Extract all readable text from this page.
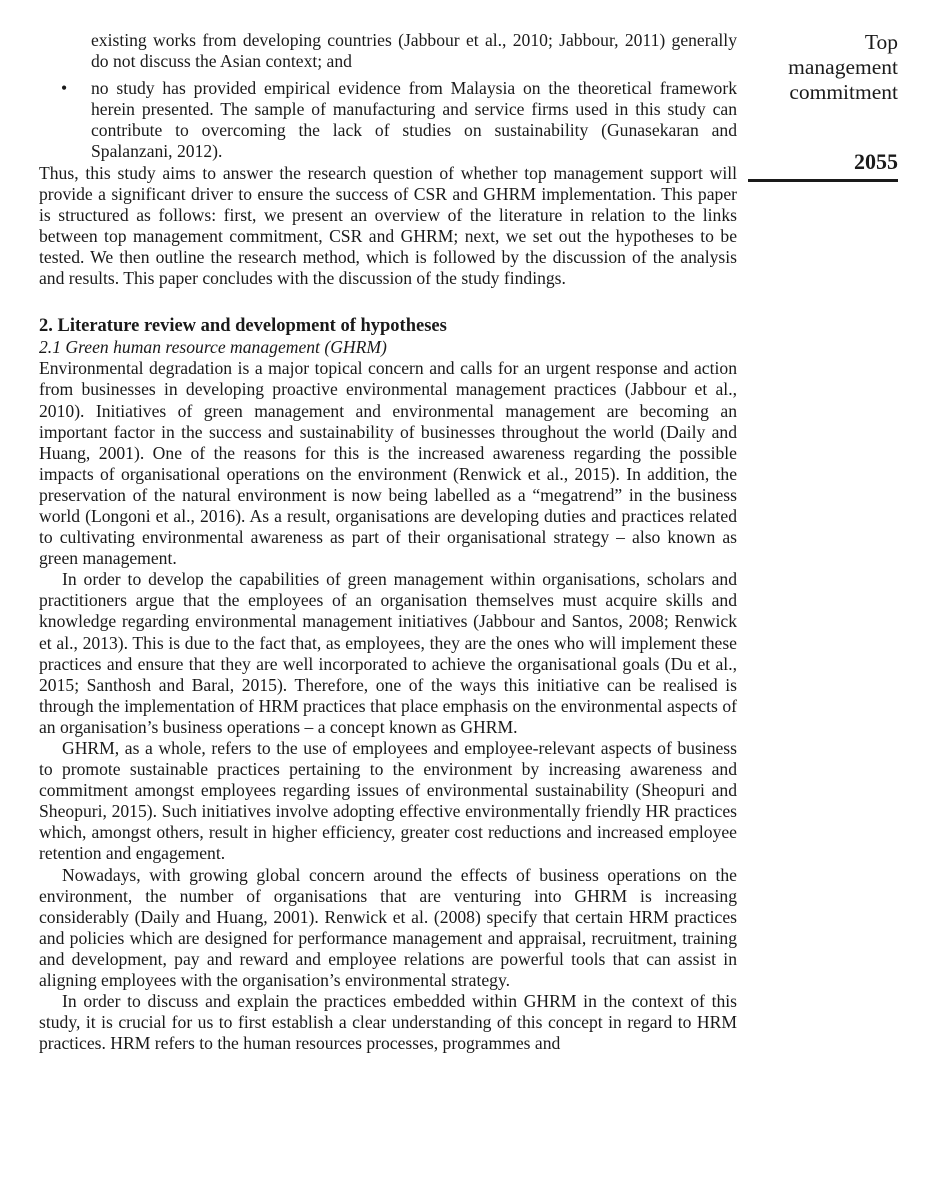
existing works from developing countries (Jabbour et al., 2010; Jabbour, 2011) generally do not discuss the Asian context; and
• no study has provided empirical evidence from Malaysia on the theoretical framework herein presented. The sample of manufacturing and service firms used in this study can contribute to overcoming the lack of studies on sustainability (Gunasekaran and Spalanzani, 2012).

Thus, this study aims to answer the research question of whether top management support will provide a significant driver to ensure the success of CSR and GHRM implementation. This paper is structured as follows: first, we present an overview of the literature in relation to the links between top management commitment, CSR and GHRM; next, we set out the hypotheses to be tested. We then outline the research method, which is followed by the discussion of the analysis and results. This paper concludes with the discussion of the study findings.

2. Literature review and development of hypotheses
2.1 Green human resource management (GHRM)

Environmental degradation is a major topical concern and calls for an urgent response and action from businesses in developing proactive environmental management practices (Jabbour et al., 2010). Initiatives of green management and environmental management are becoming an important factor in the success and sustainability of businesses throughout the world (Daily and Huang, 2001). One of the reasons for this is the increased awareness regarding the possible impacts of organisational operations on the environment (Renwick et al., 2015). In addition, the preservation of the natural environment is now being labelled as a “megatrend” in the business world (Longoni et al., 2016). As a result, organisations are developing duties and practices related to cultivating environmental awareness as part of their organisational strategy – also known as green management.

In order to develop the capabilities of green management within organisations, scholars and practitioners argue that the employees of an organisation themselves must acquire skills and knowledge regarding environmental management initiatives (Jabbour and Santos, 2008; Renwick et al., 2013). This is due to the fact that, as employees, they are the ones who will implement these practices and ensure that they are well incorporated to achieve the organisational goals (Du et al., 2015; Santhosh and Baral, 2015). Therefore, one of the ways this initiative can be realised is through the implementation of HRM practices that place emphasis on the environmental aspects of an organisation’s business operations – a concept known as GHRM.

GHRM, as a whole, refers to the use of employees and employee-relevant aspects of business to promote sustainable practices pertaining to the environment by increasing awareness and commitment amongst employees regarding issues of environmental sustainability (Sheopuri and Sheopuri, 2015). Such initiatives involve adopting effective environmentally friendly HR practices which, amongst others, result in higher efficiency, greater cost reductions and increased employee retention and engagement.

Nowadays, with growing global concern around the effects of business operations on the environment, the number of organisations that are venturing into GHRM is increasing considerably (Daily and Huang, 2001). Renwick et al. (2008) specify that certain HRM practices and policies which are designed for performance management and appraisal, recruitment, training and development, pay and reward and employee relations are powerful tools that can assist in aligning employees with the organisation’s environmental strategy.

In order to discuss and explain the practices embedded within GHRM in the context of this study, it is crucial for us to first establish a clear understanding of this concept in regard to HRM practices. HRM refers to the human resources processes, programmes and

Top
management
commitment
2055
